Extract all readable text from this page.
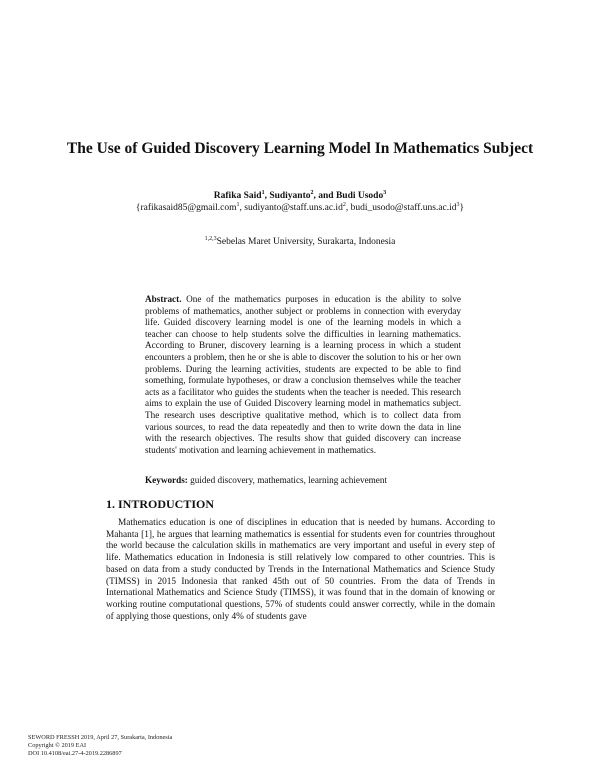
The Use of Guided Discovery Learning Model In Mathematics Subject
Rafika Said$^1$, Sudiyanto$^2$, and Budi Usodo$^3$
{rafikasaid85@gmail.com$^1$, $sudiyanto@staff.uns.ac.id^2$, $budi\_usodo@staff.uns.ac.id^3$}
$^{1,2,3}$Sebelas Maret University, Surakarta, Indonesia
Abstract. One of the mathematics purposes in education is the ability to solve problems of mathematics, another subject or problems in connection with everyday life. Guided discovery learning model is one of the learning models in which a teacher can choose to help students solve the difficulties in learning mathematics. According to Bruner, discovery learning is a learning process in which a student encounters a problem, then he or she is able to discover the solution to his or her own problems. During the learning activities, students are expected to be able to find something, formulate hypotheses, or draw a conclusion themselves while the teacher acts as a facilitator who guides the students when the teacher is needed. This research aims to explain the use of Guided Discovery learning model in mathematics subject. The research uses descriptive qualitative method, which is to collect data from various sources, to read the data repeatedly and then to write down the data in line with the research objectives. The results show that guided discovery can increase students' motivation and learning achievement in mathematics.
Keywords: guided discovery, mathematics, learning achievement
1. INTRODUCTION
Mathematics education is one of disciplines in education that is needed by humans. According to Mahanta [1], he argues that learning mathematics is essential for students even for countries throughout the world because the calculation skills in mathematics are very important and useful in every step of life. Mathematics education in Indonesia is still relatively low compared to other countries. This is based on data from a study conducted by Trends in the International Mathematics and Science Study (TIMSS) in 2015 Indonesia that ranked 45th out of 50 countries. From the data of Trends in International Mathematics and Science Study (TIMSS), it was found that in the domain of knowing or working routine computational questions, 57% of students could answer correctly, while in the domain of applying those questions, only 4% of students gave
SEWORD FRESSH 2019, April 27, Surakarta, Indonesia
Copyright © 2019 EAI
DOI 10.4108/eai.27-4-2019.2286897
